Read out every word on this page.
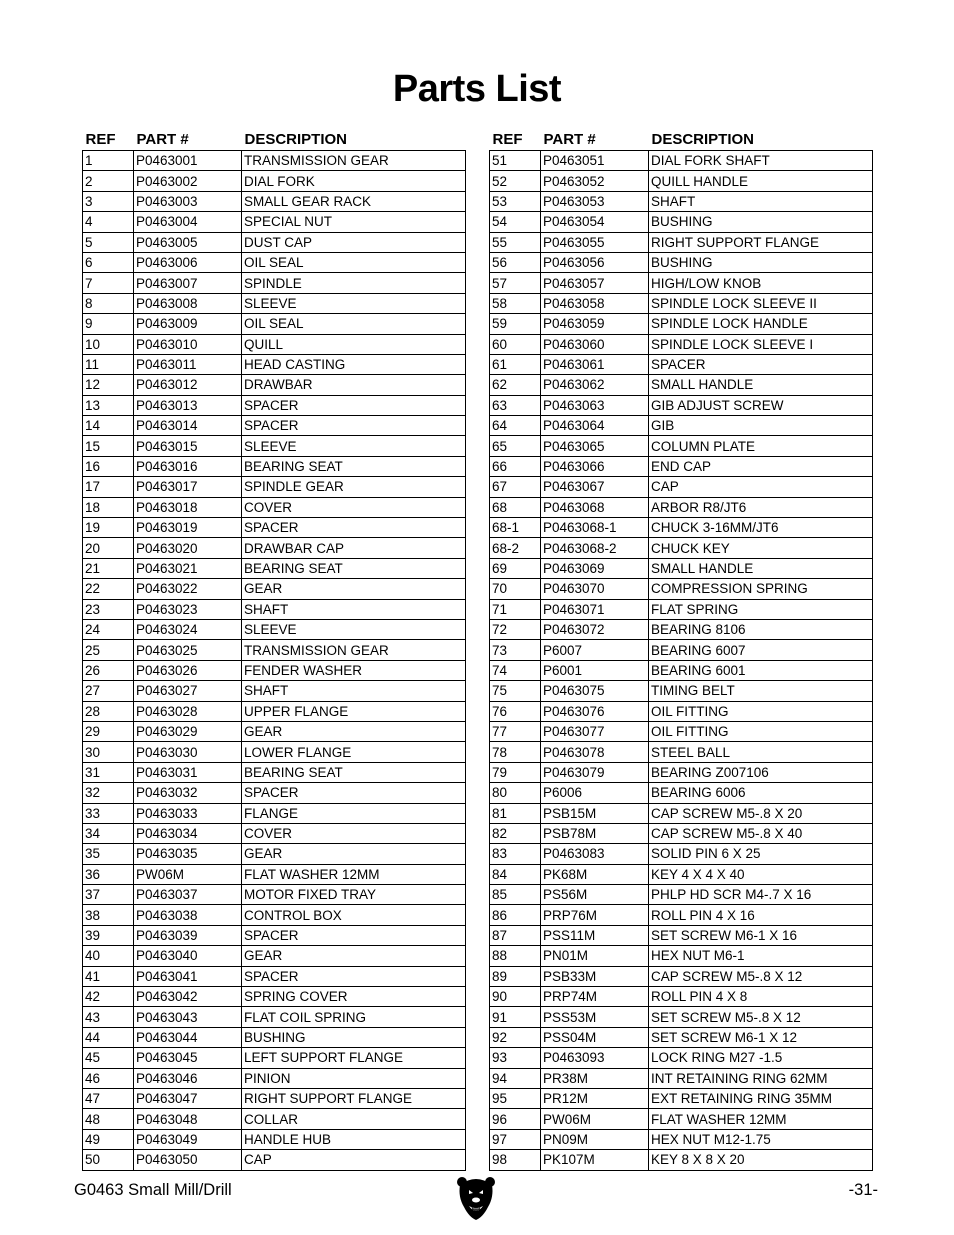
Parts List
REF	PART #	DESCRIPTION
1	P0463001	TRANSMISSION GEAR
2	P0463002	DIAL FORK
3	P0463003	SMALL GEAR RACK
4	P0463004	SPECIAL NUT
5	P0463005	DUST CAP
6	P0463006	OIL SEAL
7	P0463007	SPINDLE
8	P0463008	SLEEVE
9	P0463009	OIL SEAL
10	P0463010	QUILL
11	P0463011	HEAD CASTING
12	P0463012	DRAWBAR
13	P0463013	SPACER
14	P0463014	SPACER
15	P0463015	SLEEVE
16	P0463016	BEARING SEAT
17	P0463017	SPINDLE GEAR
18	P0463018	COVER
19	P0463019	SPACER
20	P0463020	DRAWBAR CAP
21	P0463021	BEARING SEAT
22	P0463022	GEAR
23	P0463023	SHAFT
24	P0463024	SLEEVE
25	P0463025	TRANSMISSION GEAR
26	P0463026	FENDER WASHER
27	P0463027	SHAFT
28	P0463028	UPPER FLANGE
29	P0463029	GEAR
30	P0463030	LOWER FLANGE
31	P0463031	BEARING SEAT
32	P0463032	SPACER
33	P0463033	FLANGE
34	P0463034	COVER
35	P0463035	GEAR
36	PW06M	FLAT WASHER 12MM
37	P0463037	MOTOR FIXED TRAY
38	P0463038	CONTROL BOX
39	P0463039	SPACER
40	P0463040	GEAR
41	P0463041	SPACER
42	P0463042	SPRING COVER
43	P0463043	FLAT COIL SPRING
44	P0463044	BUSHING
45	P0463045	LEFT SUPPORT FLANGE
46	P0463046	PINION
47	P0463047	RIGHT SUPPORT FLANGE
48	P0463048	COLLAR
49	P0463049	HANDLE HUB
50	P0463050	CAP
REF	PART #	DESCRIPTION
51	P0463051	DIAL FORK SHAFT
52	P0463052	QUILL HANDLE
53	P0463053	SHAFT
54	P0463054	BUSHING
55	P0463055	RIGHT SUPPORT FLANGE
56	P0463056	BUSHING
57	P0463057	HIGH/LOW KNOB
58	P0463058	SPINDLE LOCK SLEEVE II
59	P0463059	SPINDLE LOCK HANDLE
60	P0463060	SPINDLE LOCK SLEEVE I
61	P0463061	SPACER
62	P0463062	SMALL HANDLE
63	P0463063	GIB ADJUST SCREW
64	P0463064	GIB
65	P0463065	COLUMN PLATE
66	P0463066	END CAP
67	P0463067	CAP
68	P0463068	ARBOR R8/JT6
68-1	P0463068-1	CHUCK 3-16MM/JT6
68-2	P0463068-2	CHUCK KEY
69	P0463069	SMALL HANDLE
70	P0463070	COMPRESSION SPRING
71	P0463071	FLAT SPRING
72	P0463072	BEARING 8106
73	P6007	BEARING 6007
74	P6001	BEARING 6001
75	P0463075	TIMING BELT
76	P0463076	OIL FITTING
77	P0463077	OIL FITTING
78	P0463078	STEEL BALL
79	P0463079	BEARING Z007106
80	P6006	BEARING 6006
81	PSB15M	CAP SCREW M5-.8 X 20
82	PSB78M	CAP SCREW M5-.8 X 40
83	P0463083	SOLID PIN 6 X 25
84	PK68M	KEY 4 X 4 X 40
85	PS56M	PHLP HD SCR M4-.7 X 16
86	PRP76M	ROLL PIN 4 X 16
87	PSS11M	SET SCREW M6-1 X 16
88	PN01M	HEX NUT M6-1
89	PSB33M	CAP SCREW M5-.8 X 12
90	PRP74M	ROLL PIN 4 X 8
91	PSS53M	SET SCREW M5-.8 X 12
92	PSS04M	SET SCREW M6-1 X 12
93	P0463093	LOCK RING M27 -1.5
94	PR38M	INT RETAINING RING 62MM
95	PR12M	EXT RETAINING RING 35MM
96	PW06M	FLAT WASHER 12MM
97	PN09M	HEX NUT M12-1.75
98	PK107M	KEY 8 X 8 X 20
G0463 Small Mill/Drill	-31-
